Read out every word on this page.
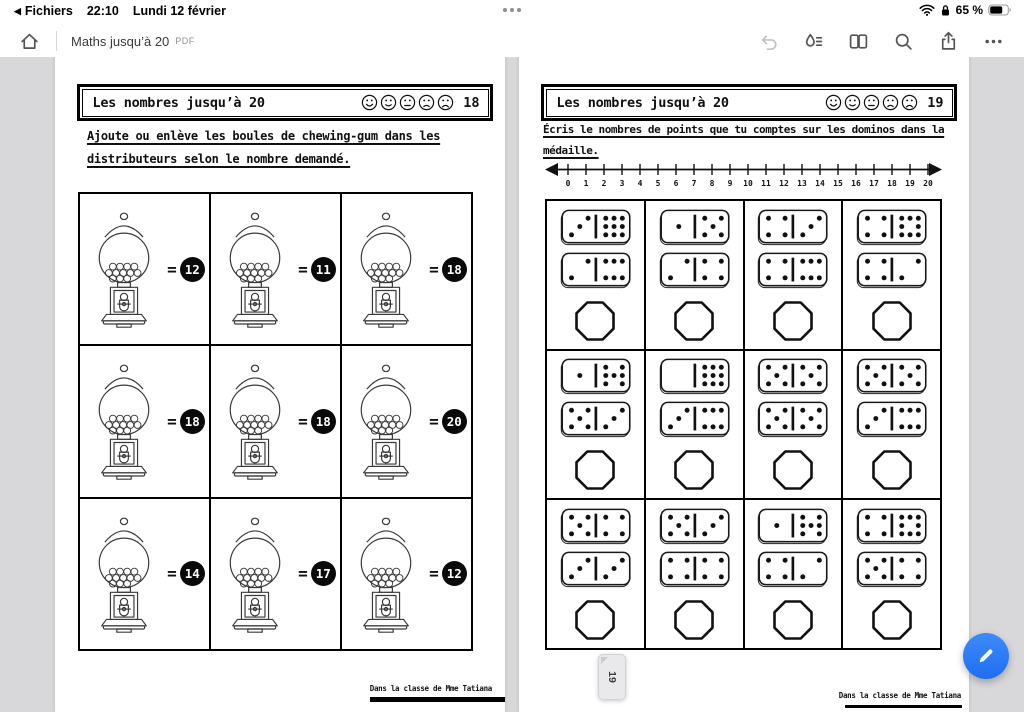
◀ Fichiers 22:10 Lundi 12 février	65 %
Maths jusqu’à 20 PDF
Les nombres jusqu’à 20	18
Ajoute ou enlève les boules de chewing-gum dans les
distributeurs selon le nombre demandé.
= 12	= 11	= 18
= 18	= 18	= 20
= 14	= 17	= 12
Dans la classe de Mme Tatiana
Les nombres jusqu’à 20	19
Écris le nombres de points que tu comptes sur les dominos dans la
médaille.
0 1 2 3 4 5 6 7 8 9 10 11 12 13 14 15 16 17 18 19 20
Dans la classe de Mme Tatiana
19
